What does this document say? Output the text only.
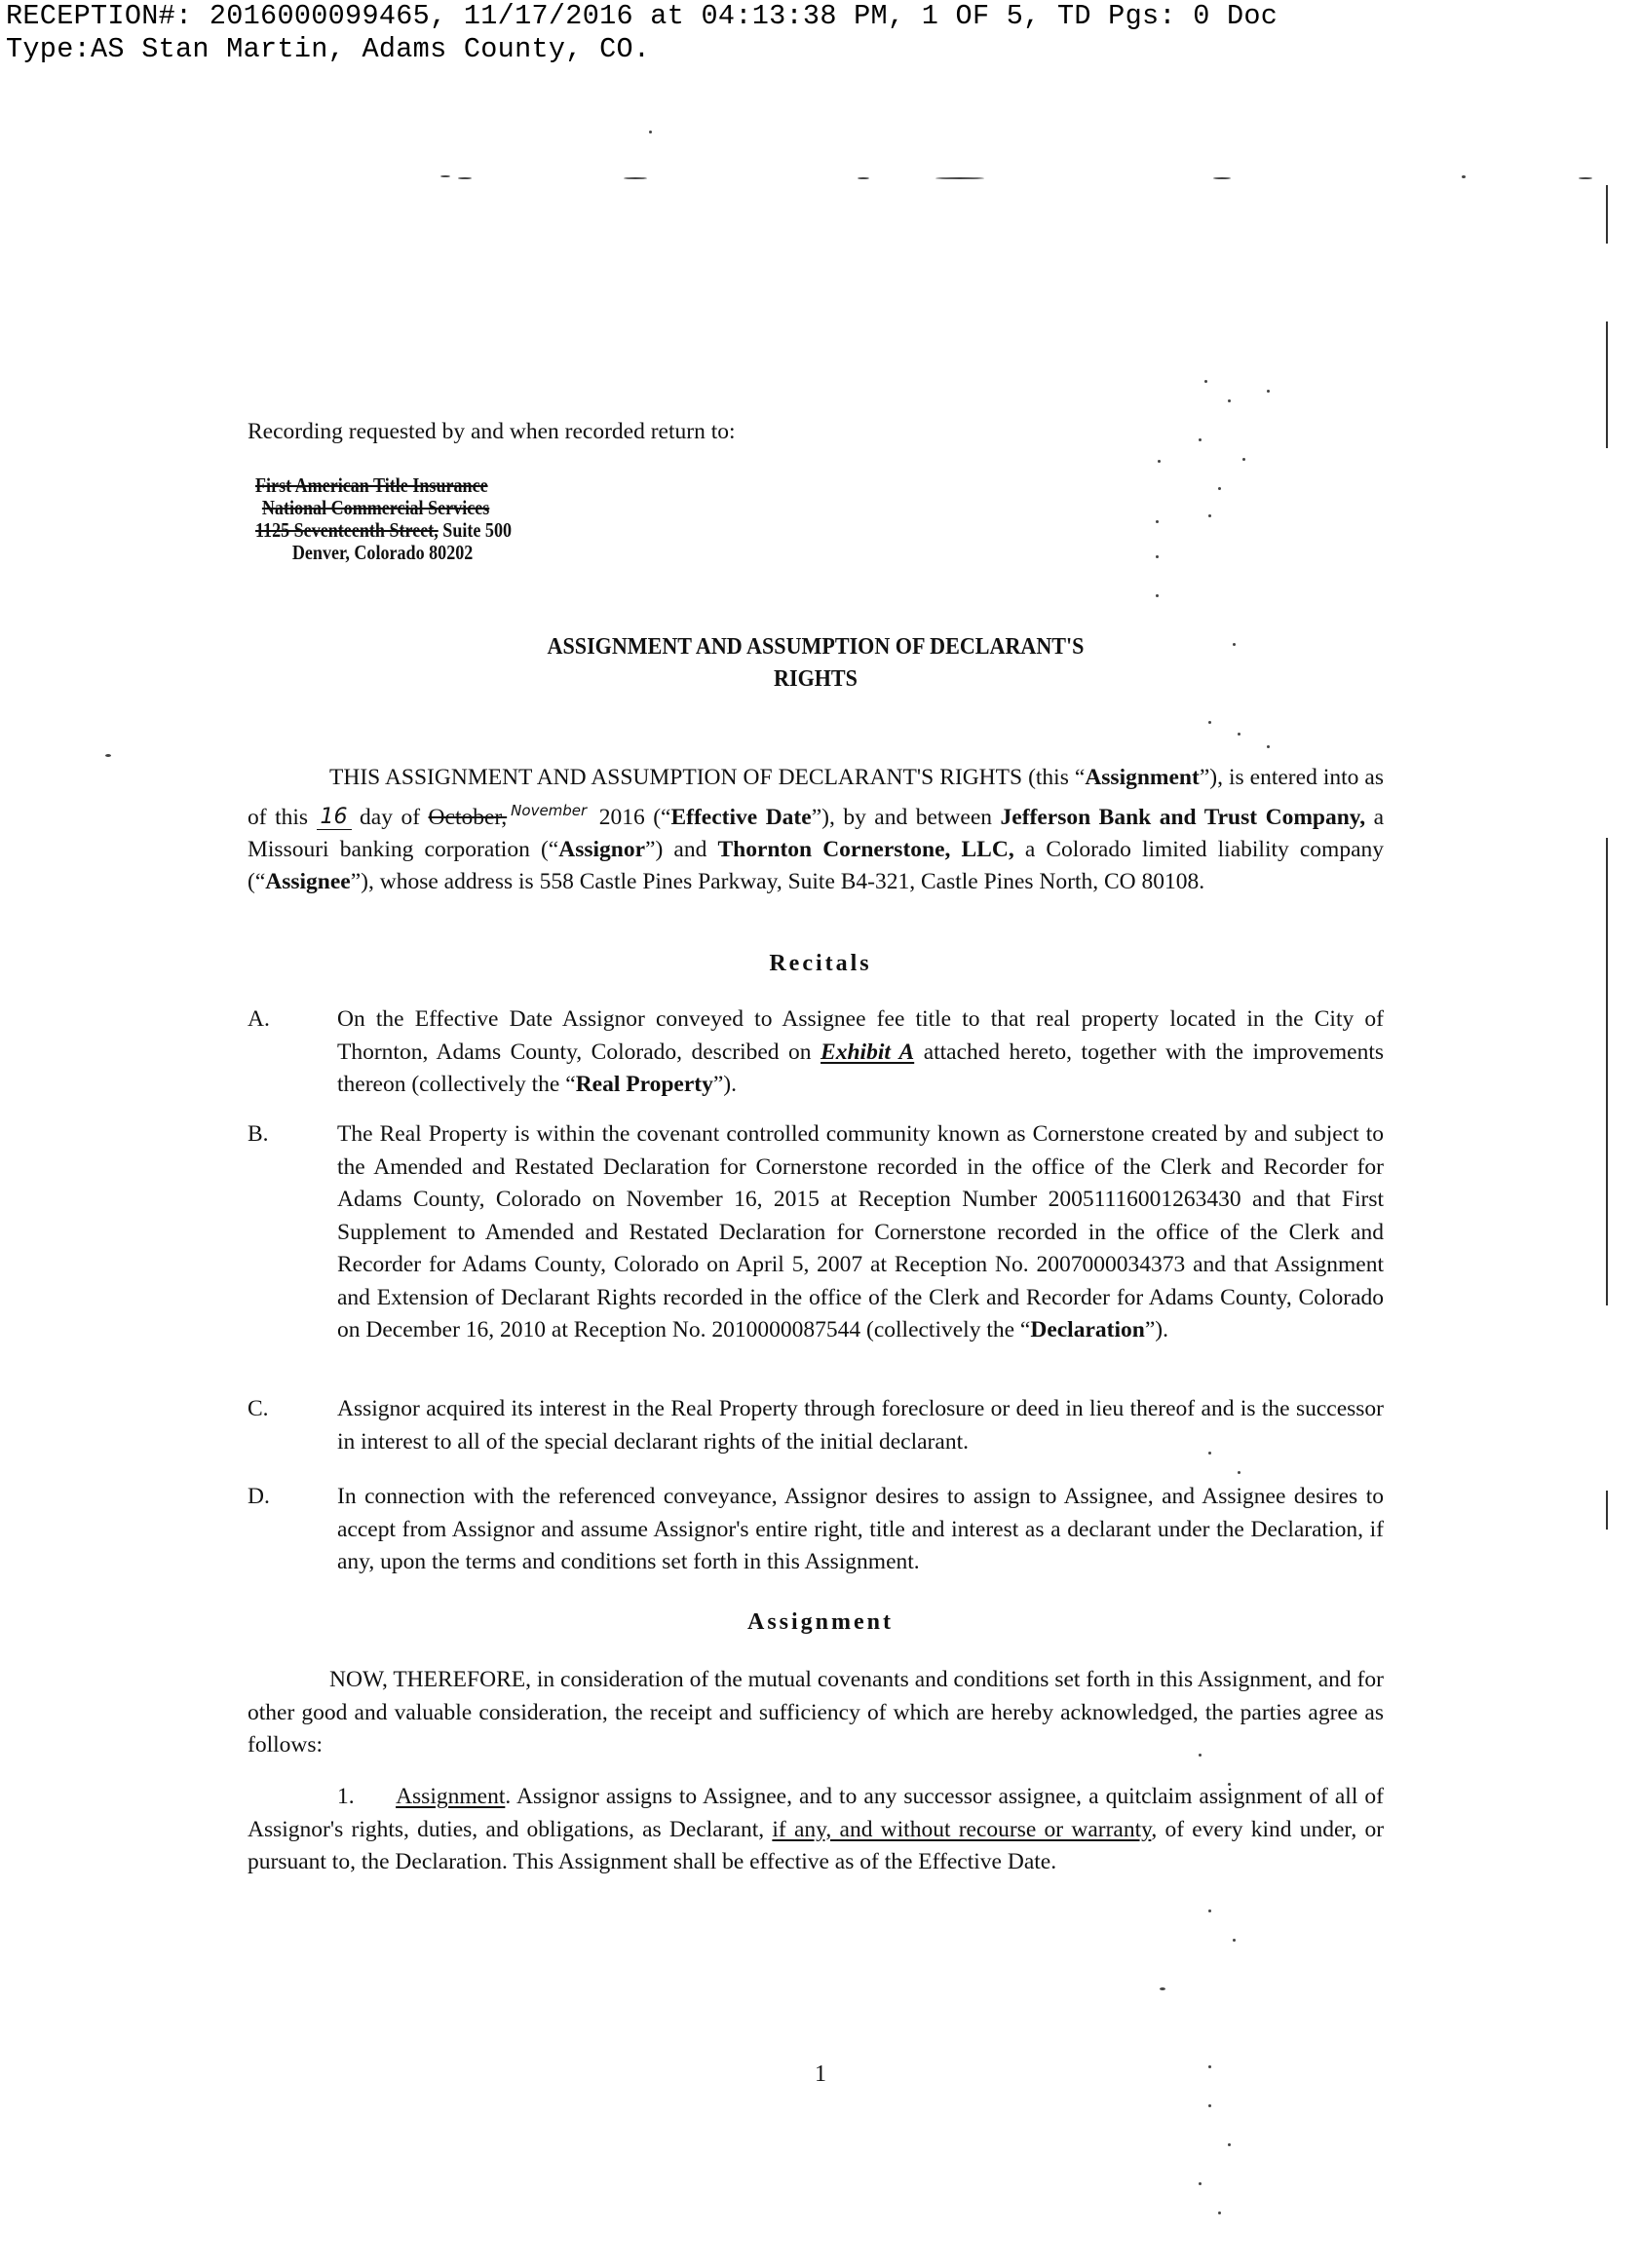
RECEPTION#: 2016000099465, 11/17/2016 at 04:13:38 PM, 1 OF 5, TD Pgs: 0 Doc
Type:AS Stan Martin, Adams County, CO.
Recording requested by and when recorded return to:
First American Title Insurance
National Commercial Services
1125 Seventeenth Street, Suite 500
Denver, Colorado 80202
ASSIGNMENT AND ASSUMPTION OF DECLARANT'S
RIGHTS
THIS ASSIGNMENT AND ASSUMPTION OF DECLARANT'S RIGHTS (this “Assignment”), is entered into as of this 16 day of October, $^{November}$ 2016 (“Effective Date”), by and between Jefferson Bank and Trust Company, a Missouri banking corporation (“Assignor”) and Thornton Cornerstone, LLC, a Colorado limited liability company (“Assignee”), whose address is 558 Castle Pines Parkway, Suite B4-321, Castle Pines North, CO 80108.
Recitals
A.	On the Effective Date Assignor conveyed to Assignee fee title to that real property located in the City of Thornton, Adams County, Colorado, described on Exhibit A attached hereto, together with the improvements thereon (collectively the “Real Property”).
B.	The Real Property is within the covenant controlled community known as Cornerstone created by and subject to the Amended and Restated Declaration for Cornerstone recorded in the office of the Clerk and Recorder for Adams County, Colorado on November 16, 2015 at Reception Number 20051116001263430 and that First Supplement to Amended and Restated Declaration for Cornerstone recorded in the office of the Clerk and Recorder for Adams County, Colorado on April 5, 2007 at Reception No. 2007000034373 and that Assignment and Extension of Declarant Rights recorded in the office of the Clerk and Recorder for Adams County, Colorado on December 16, 2010 at Reception No. 2010000087544 (collectively the “Declaration”).
C.	Assignor acquired its interest in the Real Property through foreclosure or deed in lieu thereof and is the successor in interest to all of the special declarant rights of the initial declarant.
D.	In connection with the referenced conveyance, Assignor desires to assign to Assignee, and Assignee desires to accept from Assignor and assume Assignor's entire right, title and interest as a declarant under the Declaration, if any, upon the terms and conditions set forth in this Assignment.
Assignment
NOW, THEREFORE, in consideration of the mutual covenants and conditions set forth in this Assignment, and for other good and valuable consideration, the receipt and sufficiency of which are hereby acknowledged, the parties agree as follows:
1. Assignment. Assignor assigns to Assignee, and to any successor assignee, a quitclaim assignment of all of Assignor's rights, duties, and obligations, as Declarant, if any, and without recourse or warranty, of every kind under, or pursuant to, the Declaration. This Assignment shall be effective as of the Effective Date.
1
